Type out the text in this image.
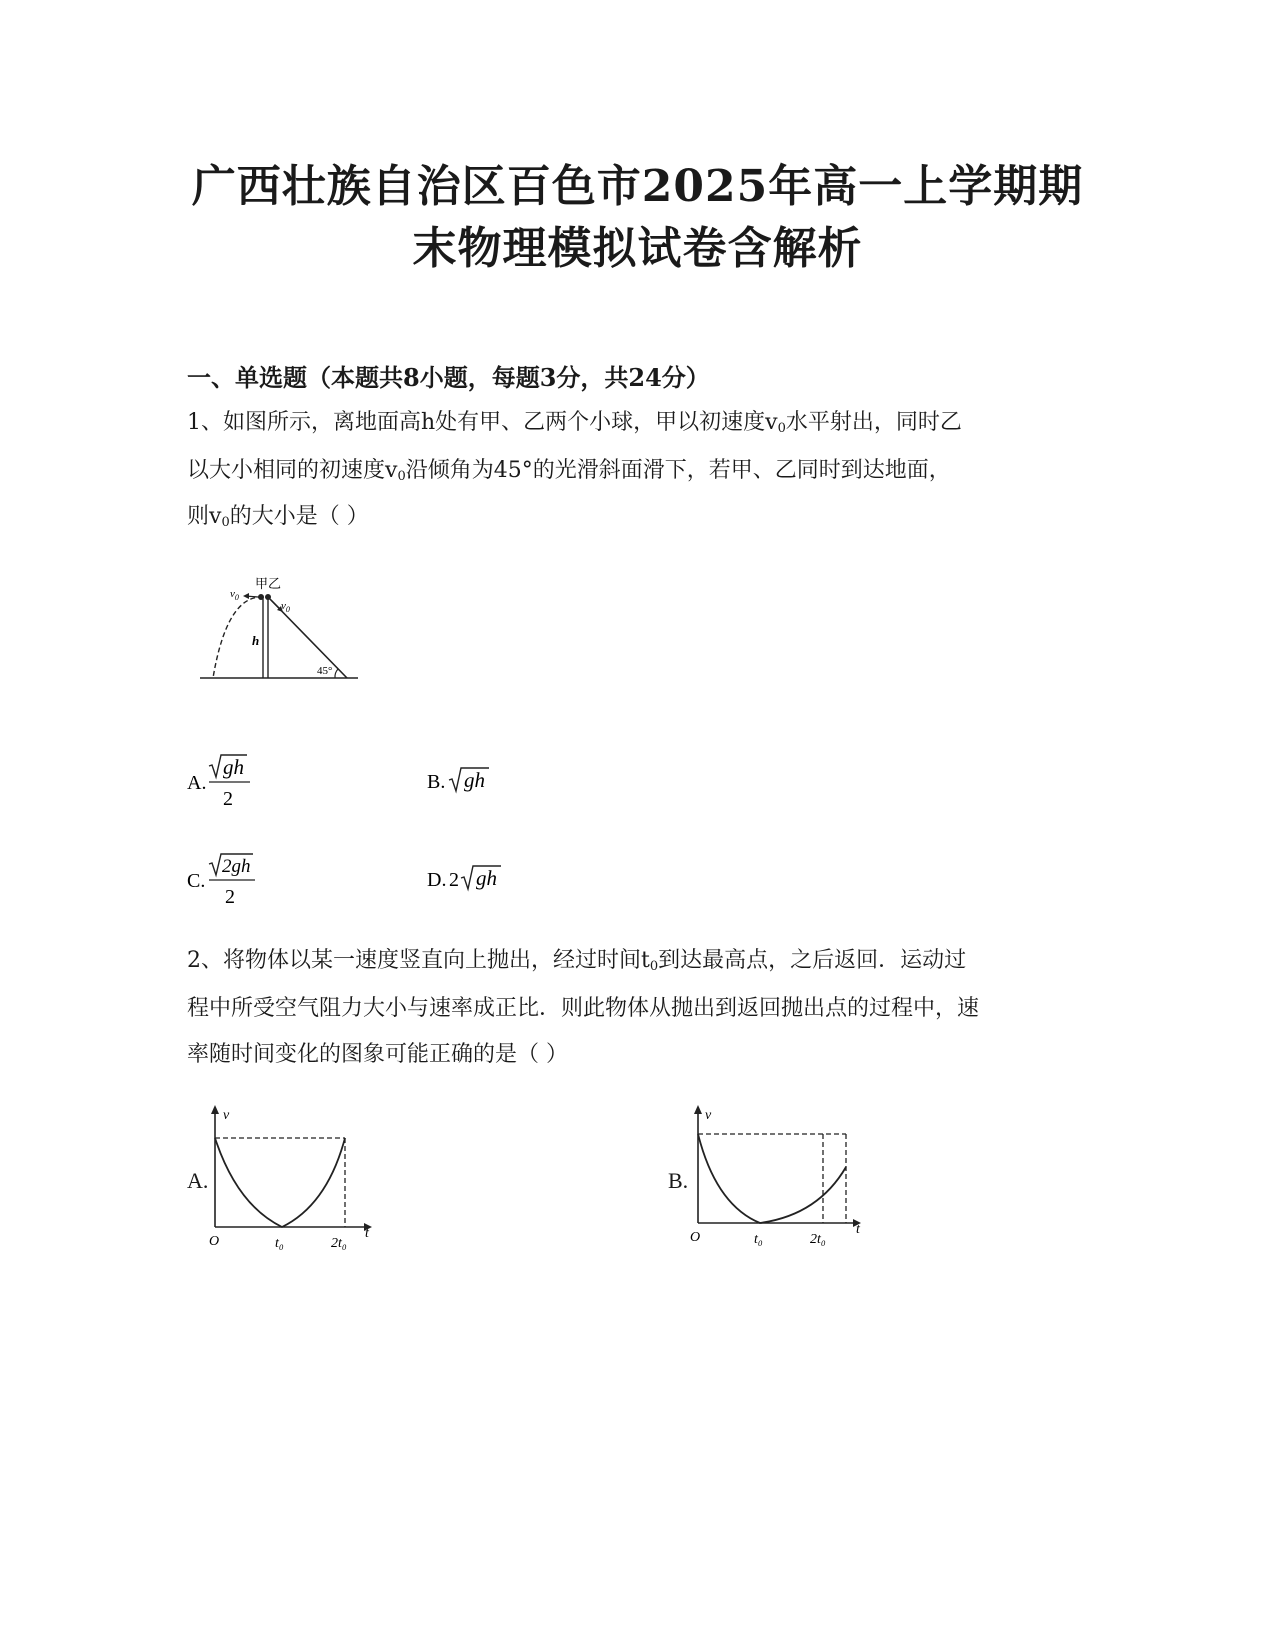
广西壮族自治区百色市2025年高一上学期期
末物理模拟试卷含解析
一、单选题（本题共8小题，每题3分，共24分）
1、如图所示，离地面高h处有甲、乙两个小球，甲以初速度v0水平射出，同时乙
以大小相同的初速度v0沿倾角为45°的光滑斜面滑下，若甲、乙同时到达地面，
则v0的大小是（ ）
甲乙
$v_0$
$v_0$
h
45°
A.
gh
2
B. gh
C.
2gh
2
D. 2 gh
2、将物体以某一速度竖直向上抛出，经过时间t0到达最高点，之后返回．运动过
程中所受空气阻力大小与速率成正比．则此物体从抛出到返回抛出点的过程中，速
率随时间变化的图象可能正确的是（ ）
A.
v
t
O	t₀	2t₀
B.
v
t
O	t₀	2t₀
